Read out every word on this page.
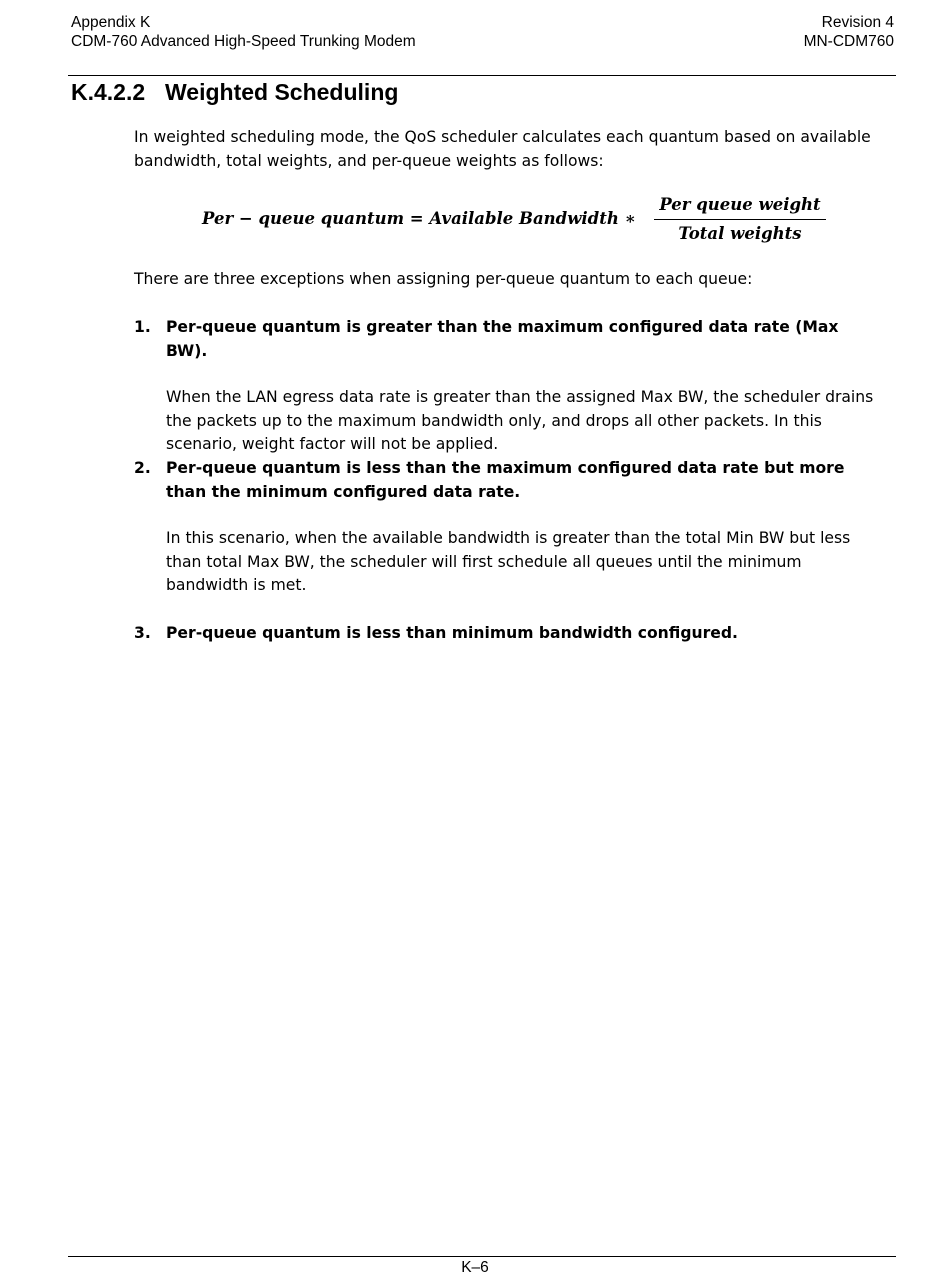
Appendix K
CDM-760 Advanced High-Speed Trunking Modem
Revision 4
MN-CDM760
K.4.2.2 Weighted Scheduling
In weighted scheduling mode, the QoS scheduler calculates each quantum based on available bandwidth, total weights, and per-queue weights as follows:
Per − queue quantum = Available Bandwidth ∗
Per queue weight
Total weights
There are three exceptions when assigning per-queue quantum to each queue:
1. Per-queue quantum is greater than the maximum configured data rate (Max BW).
When the LAN egress data rate is greater than the assigned Max BW, the scheduler drains the packets up to the maximum bandwidth only, and drops all other packets. In this scenario, weight factor will not be applied.
2. Per-queue quantum is less than the maximum configured data rate but more than the minimum configured data rate.
In this scenario, when the available bandwidth is greater than the total Min BW but less than total Max BW, the scheduler will first schedule all queues until the minimum bandwidth is met.
3. Per-queue quantum is less than minimum bandwidth configured.
K–6
